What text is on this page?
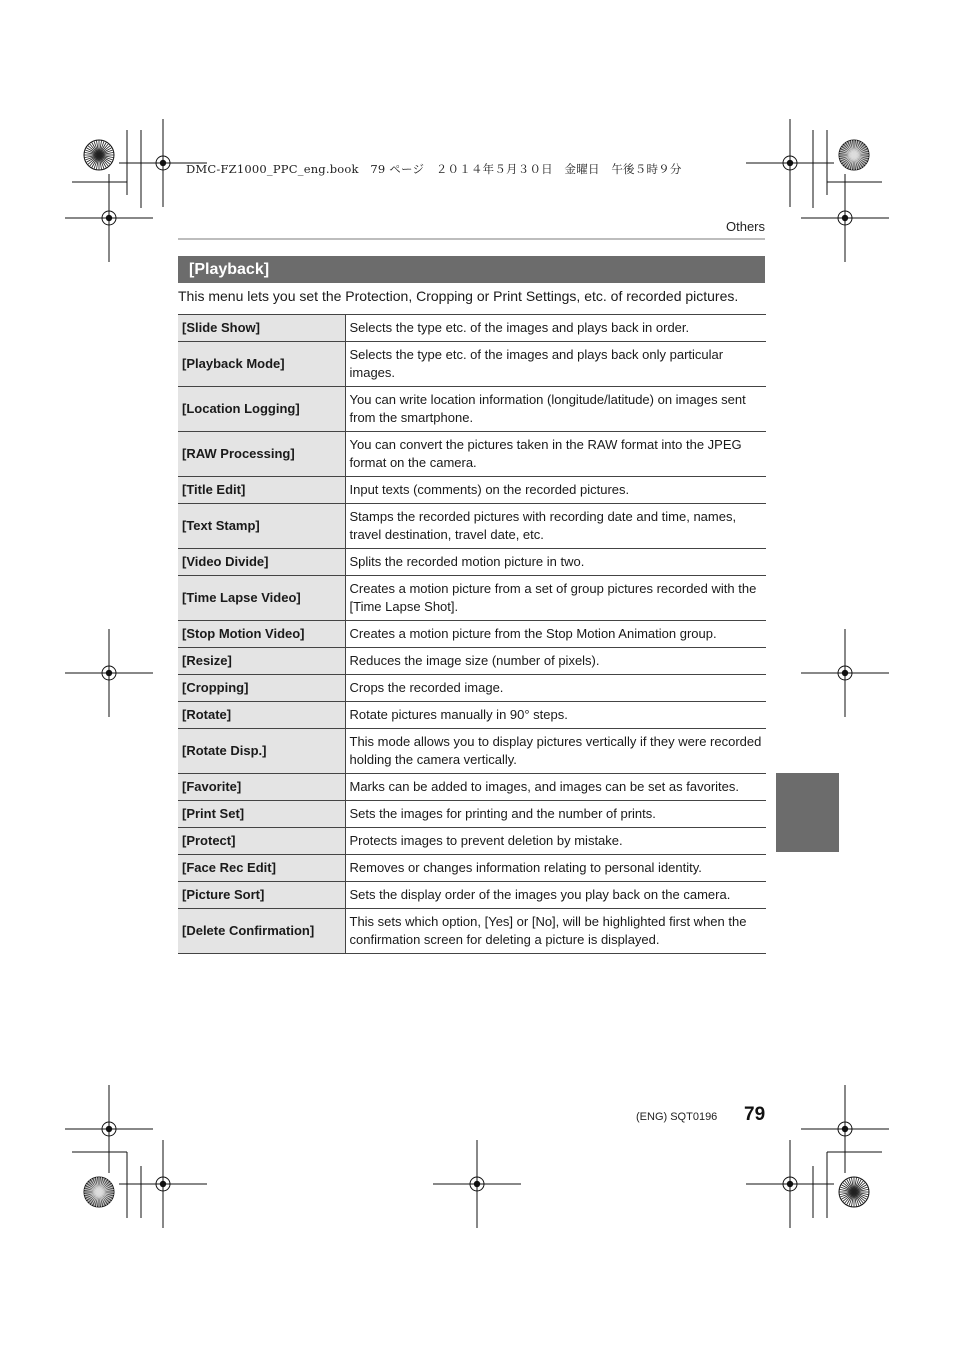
DMC-FZ1000_PPC_eng.book　79 ページ　２０１４年５月３０日　金曜日　午後５時９分
Others
[Playback]
This menu lets you set the Protection, Cropping or Print Settings, etc. of recorded pictures.
[Slide Show]	Selects the type etc. of the images and plays back in order.
[Playback Mode]	Selects the type etc. of the images and plays back only particular images.
[Location Logging]	You can write location information (longitude/latitude) on images sent from the smartphone.
[RAW Processing]	You can convert the pictures taken in the RAW format into the JPEG format on the camera.
[Title Edit]	Input texts (comments) on the recorded pictures.
[Text Stamp]	Stamps the recorded pictures with recording date and time, names, travel destination, travel date, etc.
[Video Divide]	Splits the recorded motion picture in two.
[Time Lapse Video]	Creates a motion picture from a set of group pictures recorded with the [Time Lapse Shot].
[Stop Motion Video]	Creates a motion picture from the Stop Motion Animation group.
[Resize]	Reduces the image size (number of pixels).
[Cropping]	Crops the recorded image.
[Rotate]	Rotate pictures manually in 90° steps.
[Rotate Disp.]	This mode allows you to display pictures vertically if they were recorded holding the camera vertically.
[Favorite]	Marks can be added to images, and images can be set as favorites.
[Print Set]	Sets the images for printing and the number of prints.
[Protect]	Protects images to prevent deletion by mistake.
[Face Rec Edit]	Removes or changes information relating to personal identity.
[Picture Sort]	Sets the display order of the images you play back on the camera.
[Delete Confirmation]	This sets which option, [Yes] or [No], will be highlighted first when the confirmation screen for deleting a picture is displayed.
(ENG) SQT0196 79
